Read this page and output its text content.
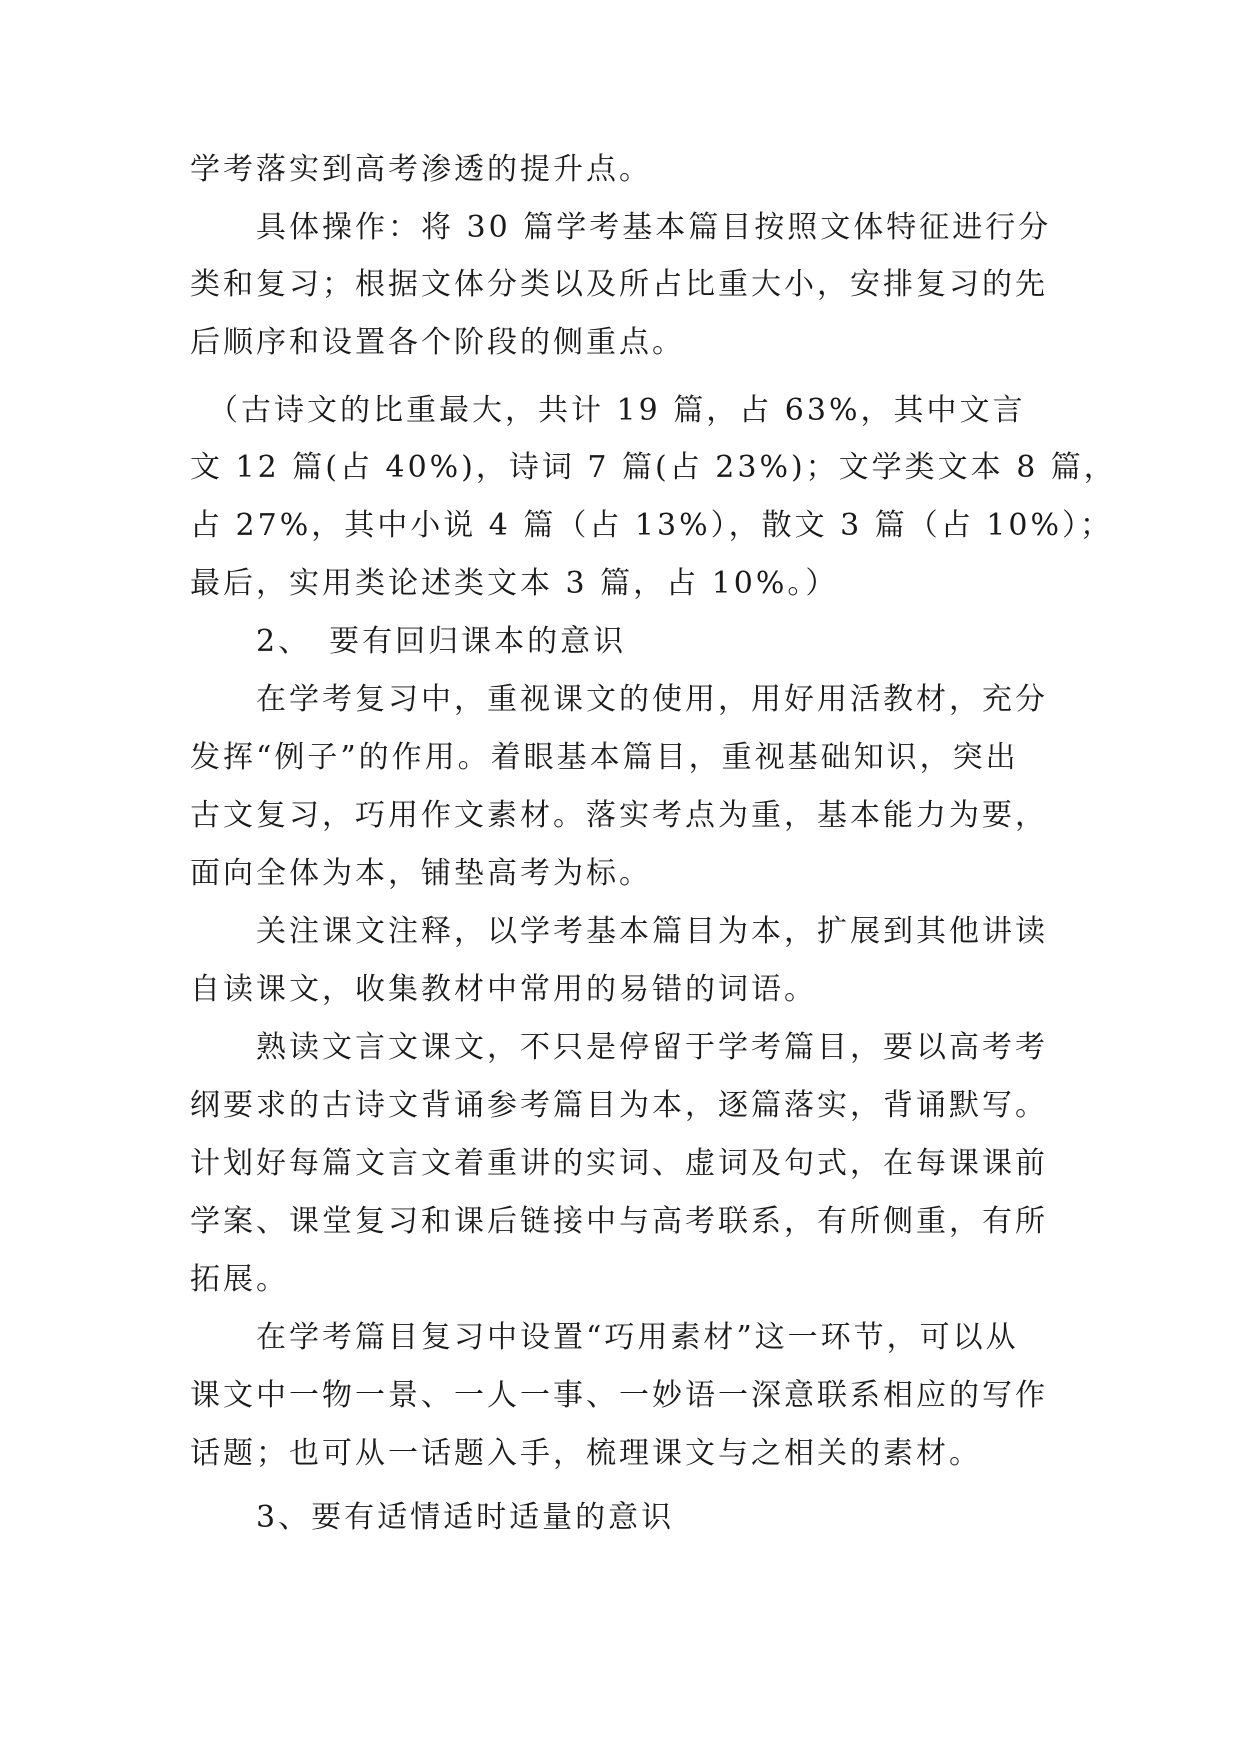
学考落实到高考渗透的提升点。
　　具体操作：将 30 篇学考基本篇目按照文体特征进行分
类和复习；根据文体分类以及所占比重大小，安排复习的先
后顺序和设置各个阶段的侧重点。
　（古诗文的比重最大，共计 19 篇，占 63%，其中文言
文 12 篇(占 40%)，诗词 7 篇(占 23%)；文学类文本 8 篇，
占 27%，其中小说 4 篇（占 13%），散文 3 篇（占 10%）；
最后，实用类论述类文本 3 篇，占 10%。）
　　2、　要有回归课本的意识
　　在学考复习中，重视课文的使用，用好用活教材，充分
发挥“例子”的作用。着眼基本篇目，重视基础知识，突出
古文复习，巧用作文素材。落实考点为重，基本能力为要，
面向全体为本，铺垫高考为标。
　　关注课文注释，以学考基本篇目为本，扩展到其他讲读
自读课文，收集教材中常用的易错的词语。
　　熟读文言文课文，不只是停留于学考篇目，要以高考考
纲要求的古诗文背诵参考篇目为本，逐篇落实，背诵默写。
计划好每篇文言文着重讲的实词、虚词及句式，在每课课前
学案、课堂复习和课后链接中与高考联系，有所侧重，有所
拓展。
　　在学考篇目复习中设置“巧用素材”这一环节，可以从
课文中一物一景、一人一事、一妙语一深意联系相应的写作
话题；也可从一话题入手，梳理课文与之相关的素材。
　　3、要有适情适时适量的意识
